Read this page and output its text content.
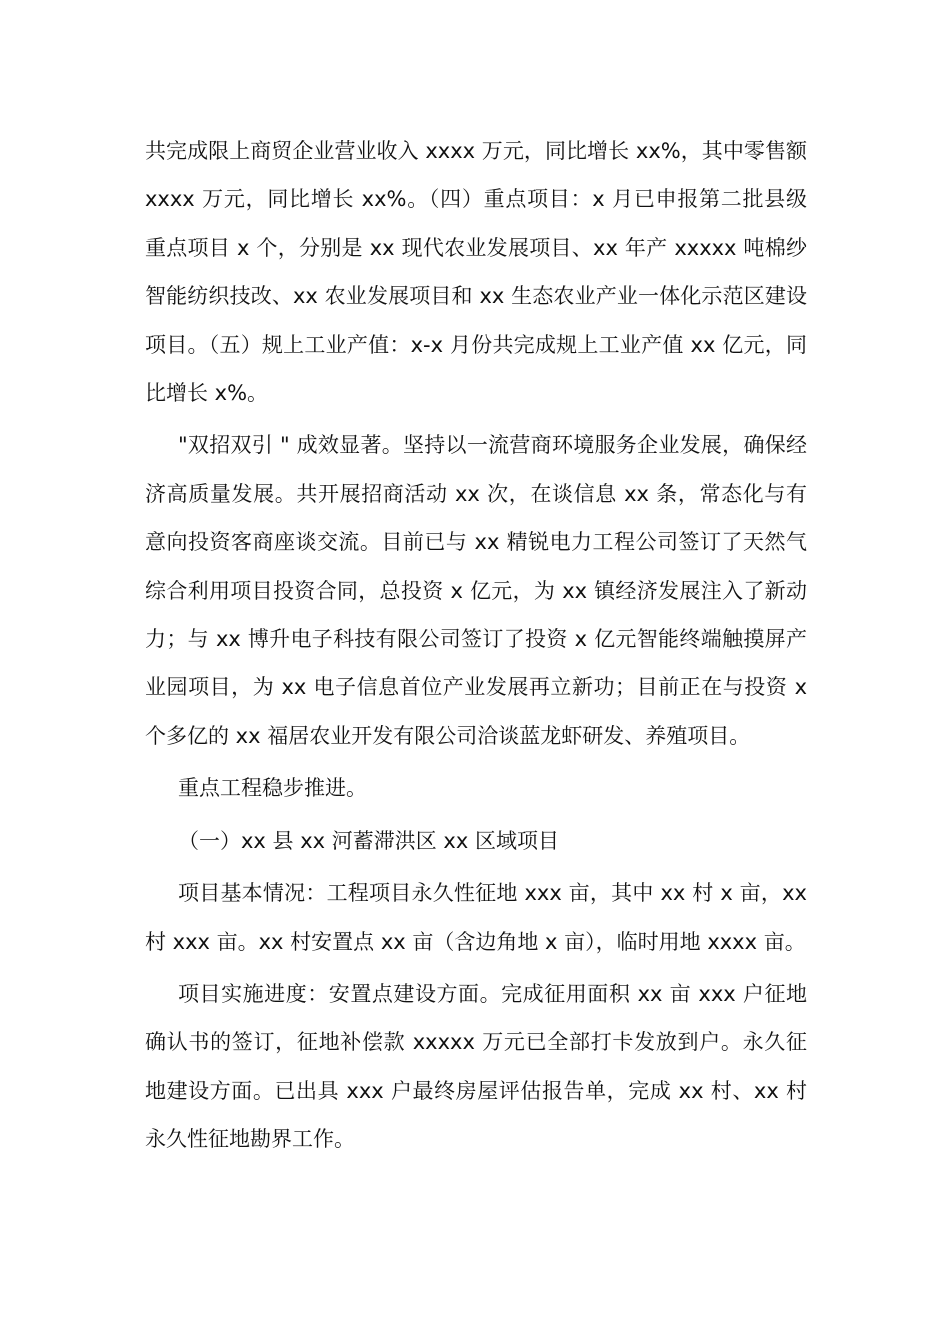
共完成限上商贸企业营业收入 xxxx 万元，同比增长 xx%，其中零售额 xxxx 万元，同比增长 xx%。（四）重点项目：x 月已申报第二批县级重点项目 x 个，分别是 xx 现代农业发展项目、xx 年产 xxxxx 吨棉纱智能纺织技改、xx 农业发展项目和 xx 生态农业产业一体化示范区建设项目。（五）规上工业产值：x-x 月份共完成规上工业产值 xx 亿元，同比增长 x%。

"双招双引 " 成效显著。坚持以一流营商环境服务企业发展，确保经济高质量发展。共开展招商活动 xx 次，在谈信息 xx 条，常态化与有意向投资客商座谈交流。目前已与 xx 精锐电力工程公司签订了天然气综合利用项目投资合同，总投资 x 亿元，为 xx 镇经济发展注入了新动力；与 xx 博升电子科技有限公司签订了投资 x 亿元智能终端触摸屏产业园项目，为 xx 电子信息首位产业发展再立新功；目前正在与投资 x 个多亿的 xx 福居农业开发有限公司洽谈蓝龙虾研发、养殖项目。

重点工程稳步推进。

（一）xx 县 xx 河蓄滞洪区 xx 区域项目

项目基本情况：工程项目永久性征地 xxx 亩，其中 xx 村 x 亩，xx 村 xxx 亩。xx 村安置点 xx 亩（含边角地 x 亩），临时用地 xxxx 亩。

项目实施进度：安置点建设方面。完成征用面积 xx 亩 xxx 户征地确认书的签订，征地补偿款 xxxxx 万元已全部打卡发放到户。永久征地建设方面。已出具 xxx 户最终房屋评估报告单，完成 xx 村、xx 村永久性征地勘界工作。
